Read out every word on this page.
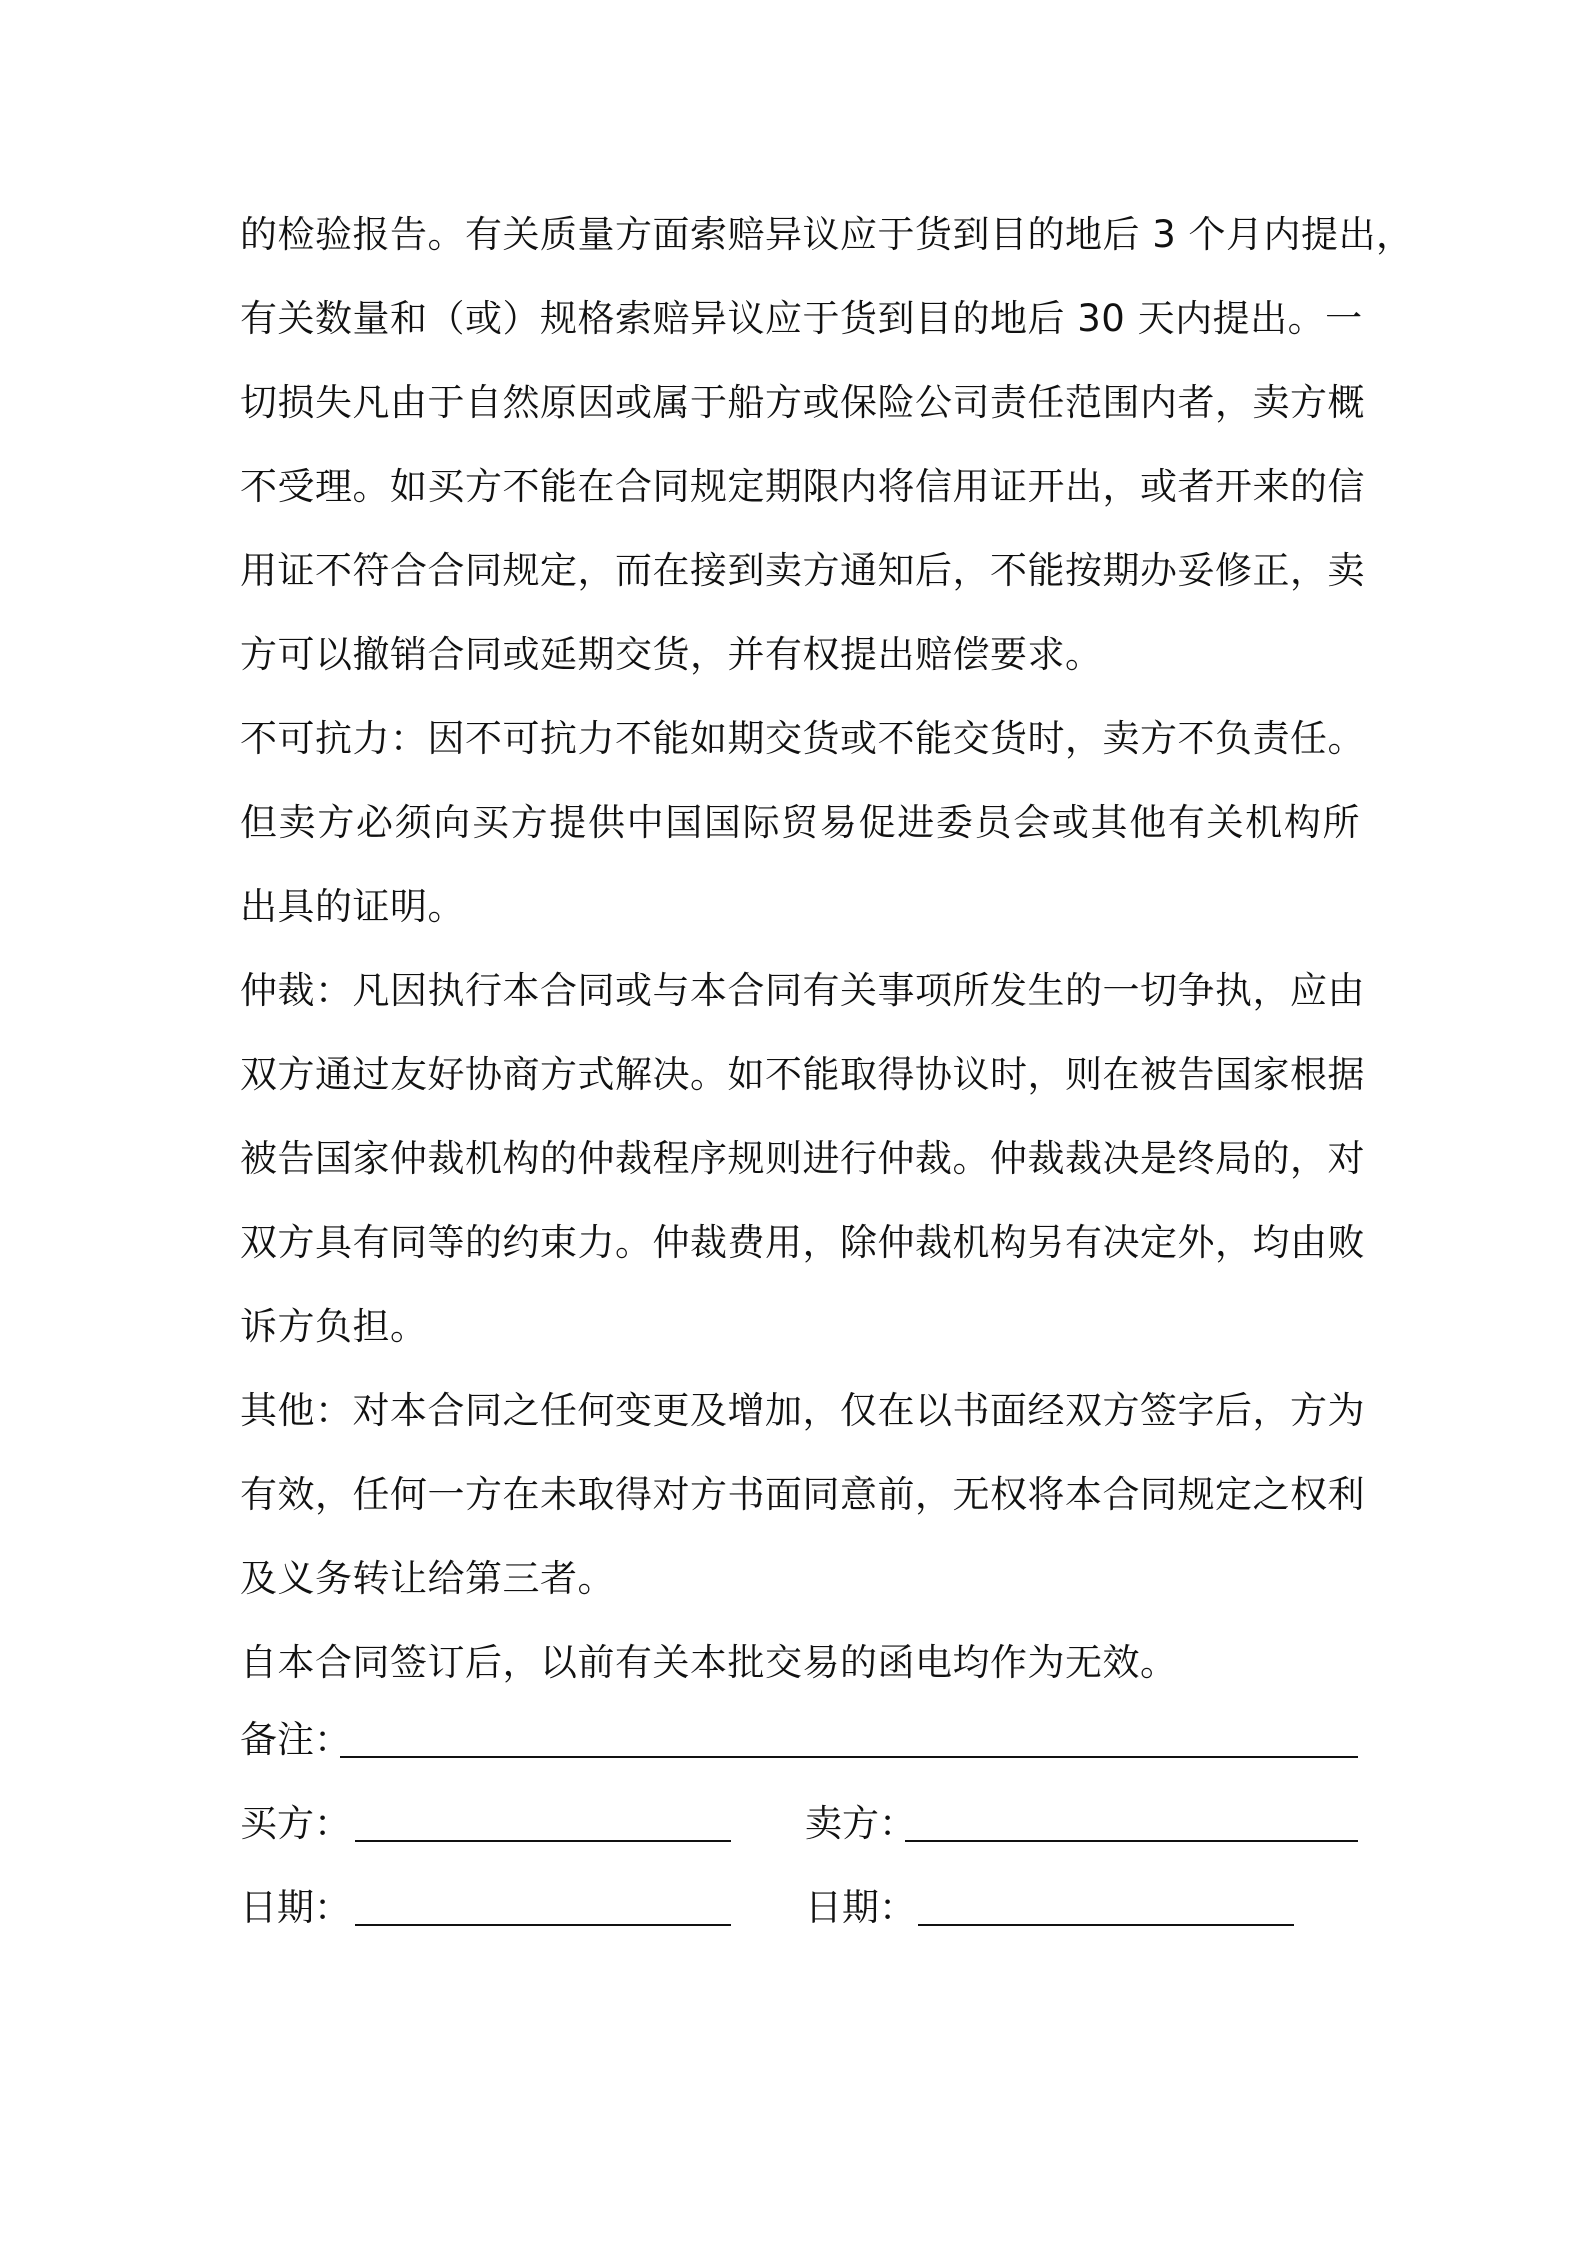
的检验报告。有关质量方面索赔异议应于货到目的地后 3 个月内提出，
有关数量和（或）规格索赔异议应于货到目的地后 30 天内提出。一
切损失凡由于自然原因或属于船方或保险公司责任范围内者，卖方概
不受理。如买方不能在合同规定期限内将信用证开出，或者开来的信
用证不符合合同规定，而在接到卖方通知后，不能按期办妥修正，卖
方可以撤销合同或延期交货，并有权提出赔偿要求。
不可抗力：因不可抗力不能如期交货或不能交货时，卖方不负责任。
但卖方必须向买方提供中国国际贸易促进委员会或其他有关机构所
出具的证明。
仲裁：凡因执行本合同或与本合同有关事项所发生的一切争执，应由
双方通过友好协商方式解决。如不能取得协议时，则在被告国家根据
被告国家仲裁机构的仲裁程序规则进行仲裁。仲裁裁决是终局的，对
双方具有同等的约束力。仲裁费用，除仲裁机构另有决定外，均由败
诉方负担。
其他：对本合同之任何变更及增加，仅在以书面经双方签字后，方为
有效，任何一方在未取得对方书面同意前，无权将本合同规定之权利
及义务转让给第三者。
自本合同签订后，以前有关本批交易的函电均作为无效。
备注：
买方：	卖方：
日期：	日期：
